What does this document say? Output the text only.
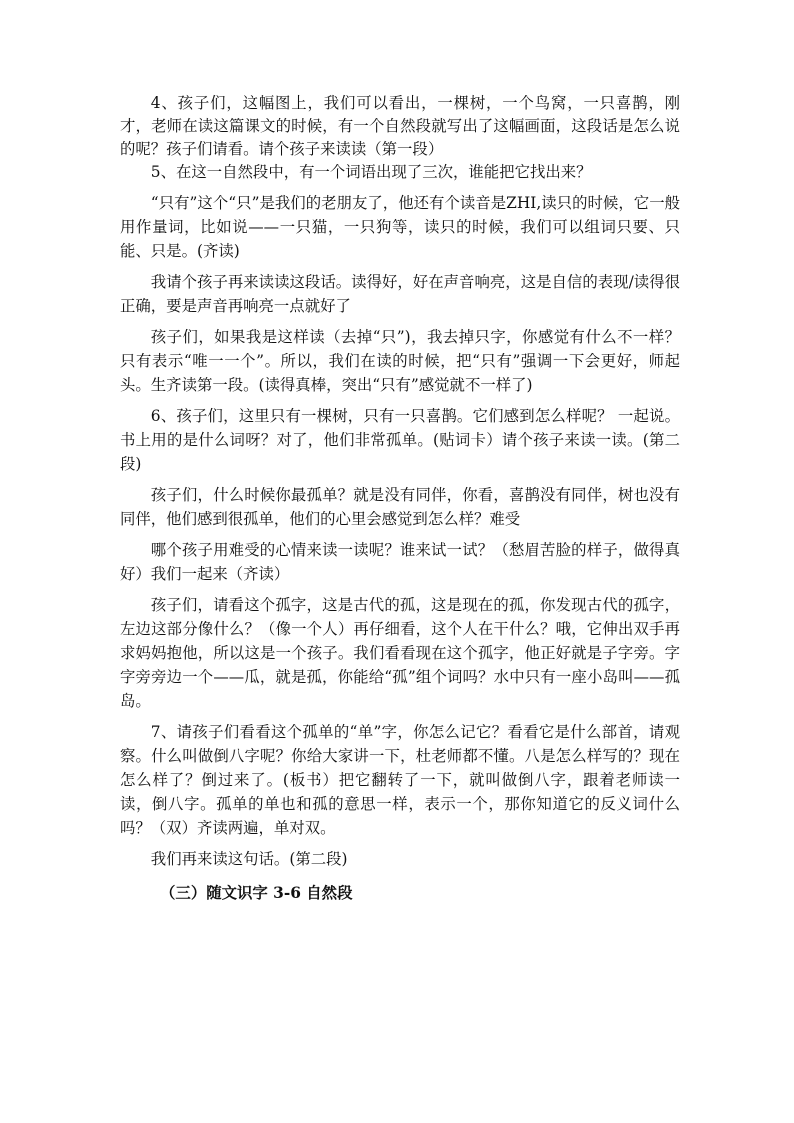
4、孩子们，这幅图上，我们可以看出，一棵树，一个鸟窝，一只喜鹊，刚才，老师在读这篇课文的时候，有一个自然段就写出了这幅画面，这段话是怎么说的呢？孩子们请看。请个孩子来读读（第一段）

5、在这一自然段中，有一个词语出现了三次，谁能把它找出来？

“只有”这个“只”是我们的老朋友了，他还有个读音是ZHI,读只的时候，它一般用作量词，比如说——一只猫，一只狗等，读只的时候，我们可以组词只要、只能、只是。(齐读)

我请个孩子再来读读这段话。读得好，好在声音响亮，这是自信的表现/读得很正确，要是声音再响亮一点就好了

孩子们，如果我是这样读（去掉“只”)，我去掉只字，你感觉有什么不一样？只有表示“唯一一个”。所以，我们在读的时候，把“只有”强调一下会更好，师起头。生齐读第一段。(读得真棒，突出“只有”感觉就不一样了)

6、孩子们，这里只有一棵树，只有一只喜鹊。它们感到怎么样呢？ 一起说。书上用的是什么词呀？对了，他们非常孤单。(贴词卡）请个孩子来读一读。(第二段)

孩子们，什么时候你最孤单？就是没有同伴，你看，喜鹊没有同伴，树也没有同伴，他们感到很孤单，他们的心里会感觉到怎么样？难受

哪个孩子用难受的心情来读一读呢？谁来试一试？（愁眉苦脸的样子，做得真好）我们一起来（齐读）

孩子们，请看这个孤字，这是古代的孤，这是现在的孤，你发现古代的孤字，左边这部分像什么？（像一个人）再仔细看，这个人在干什么？哦，它伸出双手再求妈妈抱他，所以这是一个孩子。我们看看现在这个孤字，他正好就是子字旁。字字旁旁边一个——瓜，就是孤，你能给“孤”组个词吗？水中只有一座小岛叫——孤岛。

7、请孩子们看看这个孤单的“单”字，你怎么记它？看看它是什么部首，请观察。什么叫做倒八字呢？你给大家讲一下，杜老师都不懂。八是怎么样写的？现在怎么样了？倒过来了。(板书）把它翻转了一下，就叫做倒八字，跟着老师读一读，倒八字。孤单的单也和孤的意思一样，表示一个，那你知道它的反义词什么吗？（双）齐读两遍，单对双。

我们再来读这句话。(第二段)

（三）随文识字 3-6 自然段
